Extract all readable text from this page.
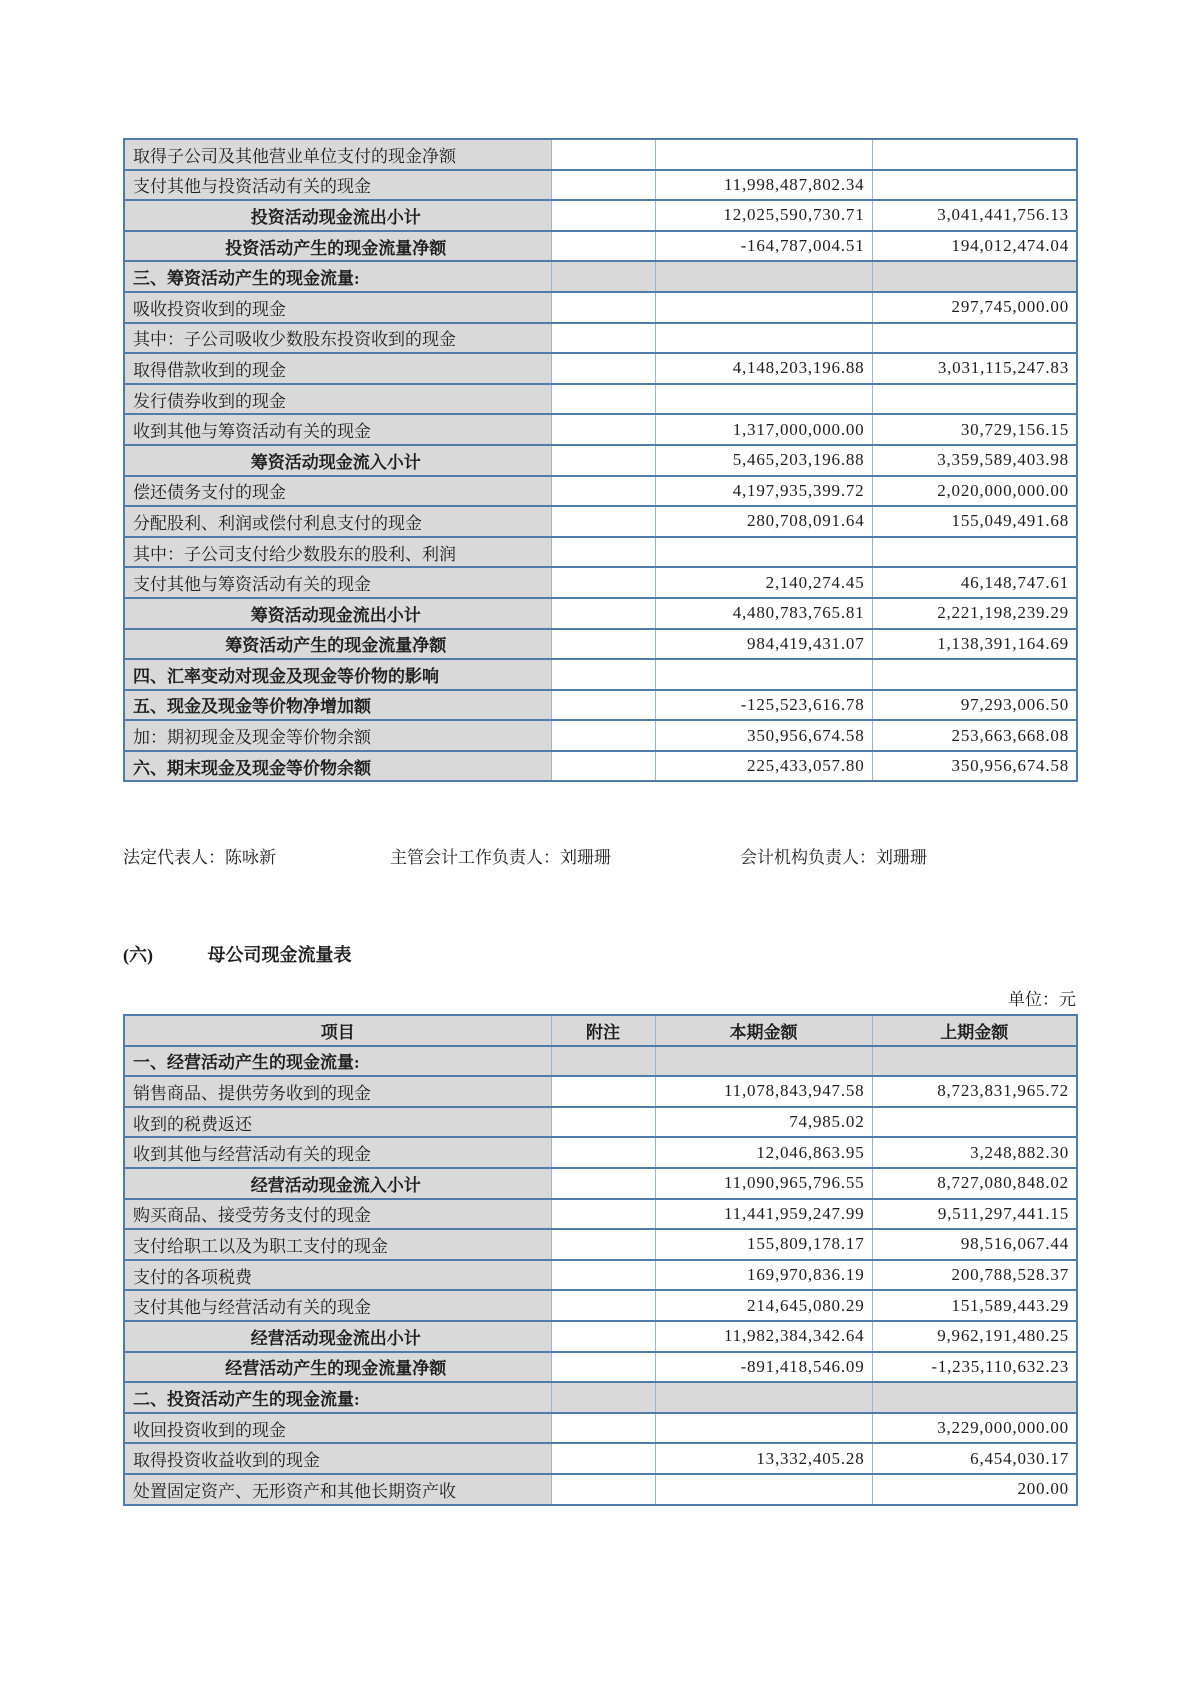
取得子公司及其他营业单位支付的现金净额			
支付其他与投资活动有关的现金		11,998,487,802.34	
投资活动现金流出小计		12,025,590,730.71	3,041,441,756.13
投资活动产生的现金流量净额		-164,787,004.51	194,012,474.04
三、筹资活动产生的现金流量:			
吸收投资收到的现金			297,745,000.00
其中：子公司吸收少数股东投资收到的现金			
取得借款收到的现金		4,148,203,196.88	3,031,115,247.83
发行债券收到的现金			
收到其他与筹资活动有关的现金		1,317,000,000.00	30,729,156.15
筹资活动现金流入小计		5,465,203,196.88	3,359,589,403.98
偿还债务支付的现金		4,197,935,399.72	2,020,000,000.00
分配股利、利润或偿付利息支付的现金		280,708,091.64	155,049,491.68
其中：子公司支付给少数股东的股利、利润			
支付其他与筹资活动有关的现金		2,140,274.45	46,148,747.61
筹资活动现金流出小计		4,480,783,765.81	2,221,198,239.29
筹资活动产生的现金流量净额		984,419,431.07	1,138,391,164.69
四、汇率变动对现金及现金等价物的影响			
五、现金及现金等价物净增加额		-125,523,616.78	97,293,006.50
加：期初现金及现金等价物余额		350,956,674.58	253,663,668.08
六、期末现金及现金等价物余额		225,433,057.80	350,956,674.58
法定代表人：陈咏新	主管会计工作负责人：刘珊珊	会计机构负责人：刘珊珊
(六)	母公司现金流量表
单位：元
项目	附注	本期金额	上期金额
一、经营活动产生的现金流量:			
销售商品、提供劳务收到的现金		11,078,843,947.58	8,723,831,965.72
收到的税费返还		74,985.02	
收到其他与经营活动有关的现金		12,046,863.95	3,248,882.30
经营活动现金流入小计		11,090,965,796.55	8,727,080,848.02
购买商品、接受劳务支付的现金		11,441,959,247.99	9,511,297,441.15
支付给职工以及为职工支付的现金		155,809,178.17	98,516,067.44
支付的各项税费		169,970,836.19	200,788,528.37
支付其他与经营活动有关的现金		214,645,080.29	151,589,443.29
经营活动现金流出小计		11,982,384,342.64	9,962,191,480.25
经营活动产生的现金流量净额		-891,418,546.09	-1,235,110,632.23
二、投资活动产生的现金流量:			
收回投资收到的现金			3,229,000,000.00
取得投资收益收到的现金		13,332,405.28	6,454,030.17
处置固定资产、无形资产和其他长期资产收			200.00
